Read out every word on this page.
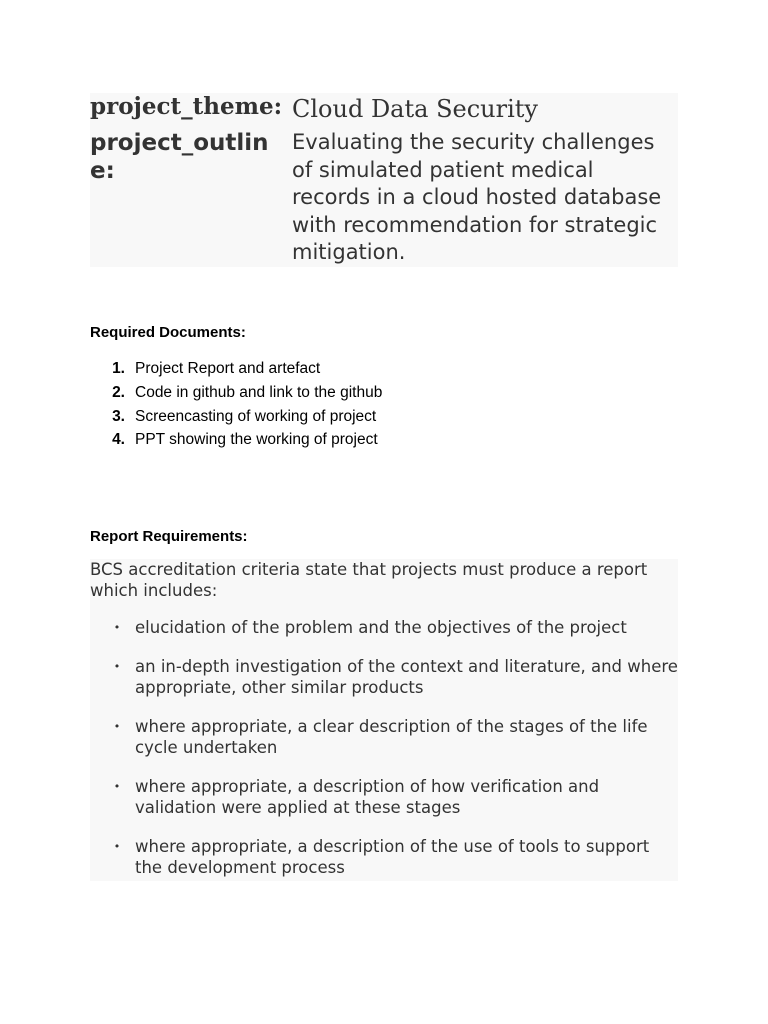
project_theme:	Cloud Data Security
project_outline:	Evaluating the security challenges of simulated patient medical records in a cloud hosted database with recommendation for strategic mitigation.

Required Documents:

1. Project Report and artefact
2. Code in github and link to the github
3. Screencasting of working of project
4. PPT showing the working of project

Report Requirements:

BCS accreditation criteria state that projects must produce a report which includes:

• elucidation of the problem and the objectives of the project
• an in-depth investigation of the context and literature, and where appropriate, other similar products
• where appropriate, a clear description of the stages of the life cycle undertaken
• where appropriate, a description of how verification and validation were applied at these stages
• where appropriate, a description of the use of tools to support the development process
